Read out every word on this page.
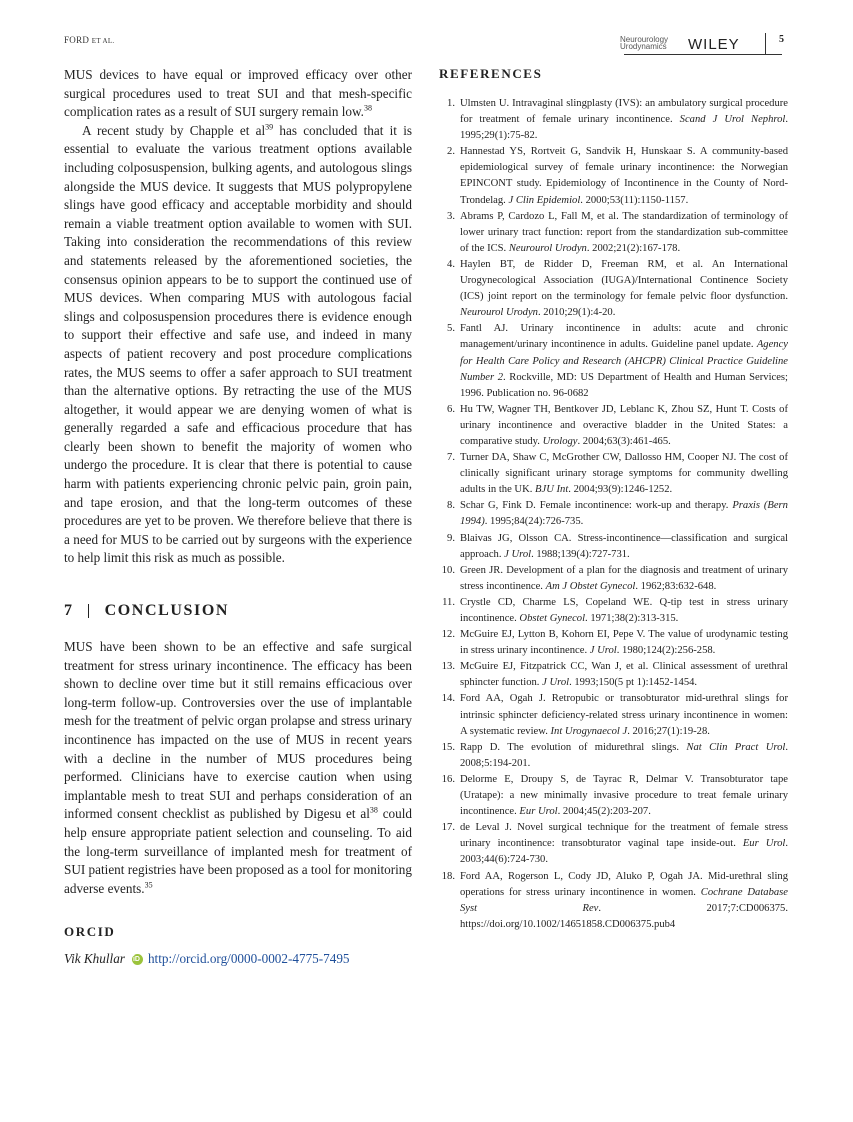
FORD ET AL.	Neurourology
Urodynamics WILEY	5

MUS devices to have equal or improved efficacy over other surgical procedures used to treat SUI and that mesh-specific complication rates as a result of SUI surgery remain low.$^{38}$

A recent study by Chapple et $al^{39}$ has concluded that it is essential to evaluate the various treatment options available including colposuspension, bulking agents, and autologous slings alongside the MUS device. It suggests that MUS polypropylene slings have good efficacy and acceptable morbidity and should remain a viable treatment option available to women with SUI. Taking into consideration the recommendations of this review and statements released by the aforementioned societies, the consensus opinion appears to be to support the continued use of MUS devices. When comparing MUS with autologous facial slings and colposuspension procedures there is evidence enough to support their effective and safe use, and indeed in many aspects of patient recovery and post procedure complications rates, the MUS seems to offer a safer approach to SUI treatment than the alternative options. By retracting the use of the MUS altogether, it would appear we are denying women of what is generally regarded a safe and efficacious procedure that has clearly been shown to benefit the majority of women who undergo the procedure. It is clear that there is potential to cause harm with patients experiencing chronic pelvic pain, groin pain, and tape erosion, and that the long-term outcomes of these procedures are yet to be proven. We therefore believe that there is a need for MUS to be carried out by surgeons with the experience to help limit this risk as much as possible.

7 CONCLUSION

MUS have been shown to be an effective and safe surgical treatment for stress urinary incontinence. The efficacy has been shown to decline over time but it still remains efficacious over long-term follow-up. Controversies over the use of implantable mesh for the treatment of pelvic organ prolapse and stress urinary incontinence has impacted on the use of MUS in recent years with a decline in the number of MUS procedures being performed. Clinicians have to exercise caution when using implantable mesh to treat SUI and perhaps consideration of an informed consent checklist as published by Digesu et $al^{38}$ could help ensure appropriate patient selection and counseling. To aid the long-term surveillance of implanted mesh for treatment of SUI patient registries have been proposed as a tool for monitoring adverse events.$^{35}$

ORCID
Vik Khullar
iD http://orcid.org/0000-0002-4775-7495
REFERENCES
1. Ulmsten U. Intravaginal slingplasty (IVS): an ambulatory surgical procedure for treatment of female urinary incontinence. Scand J Urol Nephrol. 1995;29(1):75-82.
2. Hannestad YS, Rortveit G, Sandvik H, Hunskaar S. A community-based epidemiological survey of female urinary incontinence: the Norwegian EPINCONT study. Epidemiology of Incontinence in the County of Nord-Trondelag. J Clin Epidemiol. 2000;53(11):1150-1157.
3. Abrams P, Cardozo L, Fall M, et al. The standardization of terminology of lower urinary tract function: report from the standardization sub-committee of the ICS. Neurourol Urodyn. 2002;21(2):167-178.
4. Haylen BT, de Ridder D, Freeman RM, et al. An International Urogynecological Association (IUGA)/International Continence Society (ICS) joint report on the terminology for female pelvic floor dysfunction. Neurourol Urodyn. 2010;29(1):4-20.
5. Fantl AJ. Urinary incontinence in adults: acute and chronic management/urinary incontinence in adults. Guideline panel update. Agency for Health Care Policy and Research (AHCPR) Clinical Practice Guideline Number 2. Rockville, MD: US Department of Health and Human Services; 1996. Publication no. 96-0682
6. Hu TW, Wagner TH, Bentkover JD, Leblanc K, Zhou SZ, Hunt T. Costs of urinary incontinence and overactive bladder in the United States: a comparative study. Urology. 2004;63(3):461-465.
7. Turner DA, Shaw C, McGrother CW, Dallosso HM, Cooper NJ. The cost of clinically significant urinary storage symptoms for community dwelling adults in the UK. BJU Int. 2004;93(9):1246-1252.
8. Schar G, Fink D. Female incontinence: work-up and therapy. Praxis (Bern 1994). 1995;84(24):726-735.
9. Blaivas JG, Olsson CA. Stress-incontinence—classification and surgical approach. J Urol. 1988;139(4):727-731.
10. Green JR. Development of a plan for the diagnosis and treatment of urinary stress incontinence. Am J Obstet Gynecol. 1962;83:632-648.
11. Crystle CD, Charme LS, Copeland WE. Q-tip test in stress urinary incontinence. Obstet Gynecol. 1971;38(2):313-315.
12. McGuire EJ, Lytton B, Kohorn EI, Pepe V. The value of urodynamic testing in stress urinary incontinence. J Urol. 1980;124(2):256-258.
13. McGuire EJ, Fitzpatrick CC, Wan J, et al. Clinical assessment of urethral sphincter function. J Urol. 1993;150(5 pt 1):1452-1454.
14. Ford AA, Ogah J. Retropubic or transobturator mid-urethral slings for intrinsic sphincter deficiency-related stress urinary incontinence in women: A systematic review. Int Urogynaecol J. 2016;27(1):19-28.
15. Rapp D. The evolution of midurethral slings. Nat Clin Pract Urol. 2008;5:194-201.
16. Delorme E, Droupy S, de Tayrac R, Delmar V. Transobturator tape (Uratape): a new minimally invasive procedure to treat female urinary incontinence. Eur Urol. 2004;45(2):203-207.
17. de Leval J. Novel surgical technique for the treatment of female stress urinary incontinence: transobturator vaginal tape inside-out. Eur Urol. 2003;44(6):724-730.
18. Ford AA, Rogerson L, Cody JD, Aluko P, Ogah JA. Mid-urethral sling operations for stress urinary incontinence in women. Cochrane Database Syst Rev. 2017;7:CD006375. https://doi.org/10.1002/14651858.CD006375.pub4
